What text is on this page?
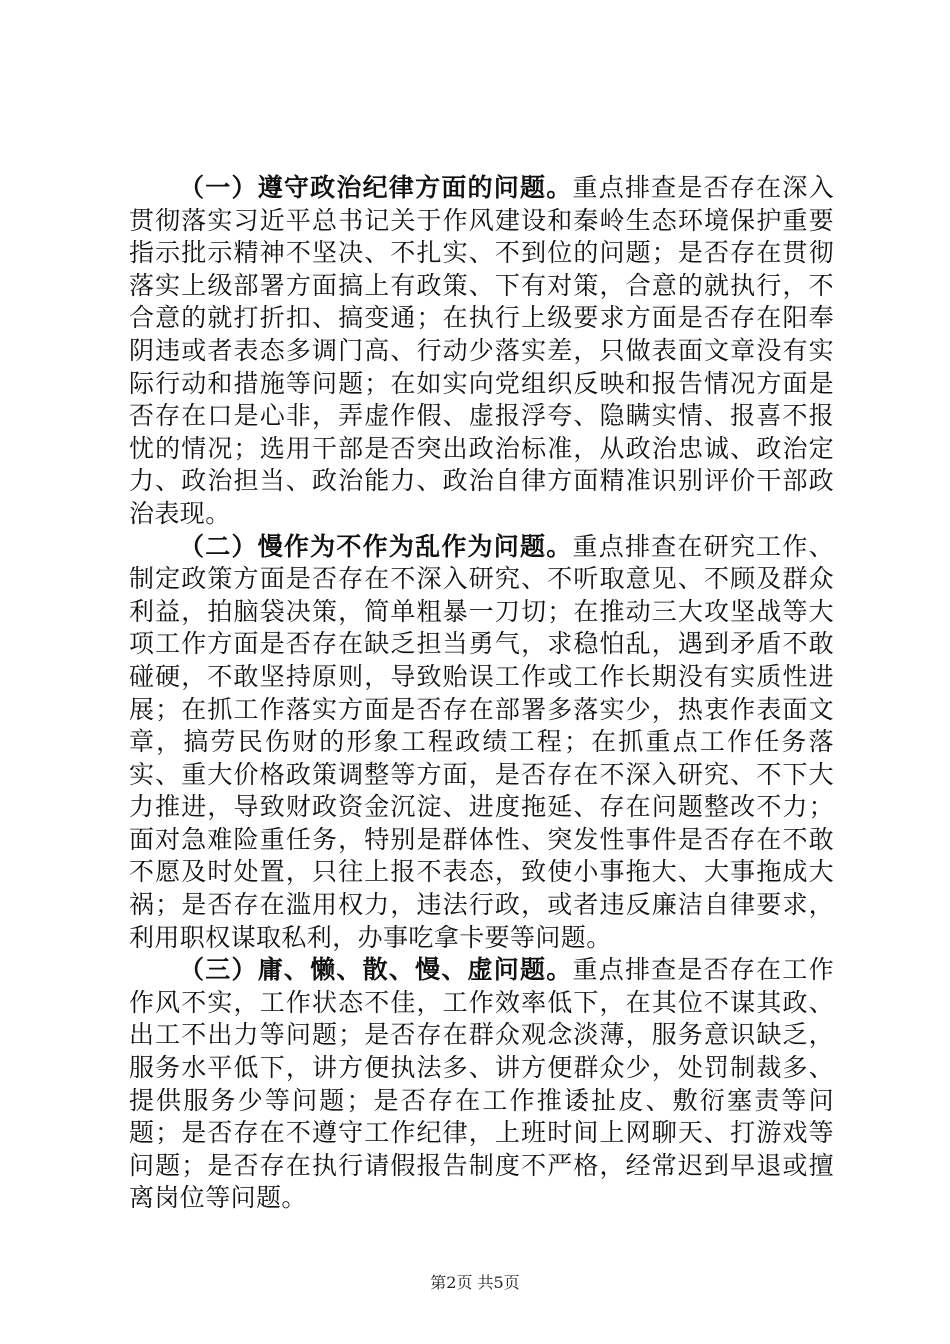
（一）遵守政治纪律方面的问题。重点排查是否存在深入贯彻落实习近平总书记关于作风建设和秦岭生态环境保护重要指示批示精神不坚决、不扎实、不到位的问题；是否存在贯彻落实上级部署方面搞上有政策、下有对策，合意的就执行，不合意的就打折扣、搞变通；在执行上级要求方面是否存在阳奉阴违或者表态多调门高、行动少落实差，只做表面文章没有实际行动和措施等问题；在如实向党组织反映和报告情况方面是否存在口是心非，弄虚作假、虚报浮夸、隐瞒实情、报喜不报忧的情况；选用干部是否突出政治标准，从政治忠诚、政治定力、政治担当、政治能力、政治自律方面精准识别评价干部政治表现。

（二）慢作为不作为乱作为问题。重点排查在研究工作、制定政策方面是否存在不深入研究、不听取意见、不顾及群众利益，拍脑袋决策，简单粗暴一刀切；在推动三大攻坚战等大项工作方面是否存在缺乏担当勇气，求稳怕乱，遇到矛盾不敢碰硬，不敢坚持原则，导致贻误工作或工作长期没有实质性进展；在抓工作落实方面是否存在部署多落实少，热衷作表面文章，搞劳民伤财的形象工程政绩工程；在抓重点工作任务落实、重大价格政策调整等方面，是否存在不深入研究、不下大力推进，导致财政资金沉淀、进度拖延、存在问题整改不力；面对急难险重任务，特别是群体性、突发性事件是否存在不敢不愿及时处置，只往上报不表态，致使小事拖大、大事拖成大祸；是否存在滥用权力，违法行政，或者违反廉洁自律要求，利用职权谋取私利，办事吃拿卡要等问题。

（三）庸、懒、散、慢、虚问题。重点排查是否存在工作作风不实，工作状态不佳，工作效率低下，在其位不谋其政、出工不出力等问题；是否存在群众观念淡薄，服务意识缺乏，服务水平低下，讲方便执法多、讲方便群众少，处罚制裁多、提供服务少等问题；是否存在工作推诿扯皮、敷衍塞责等问题；是否存在不遵守工作纪律，上班时间上网聊天、打游戏等问题；是否存在执行请假报告制度不严格，经常迟到早退或擅离岗位等问题。

第2页 共5页
